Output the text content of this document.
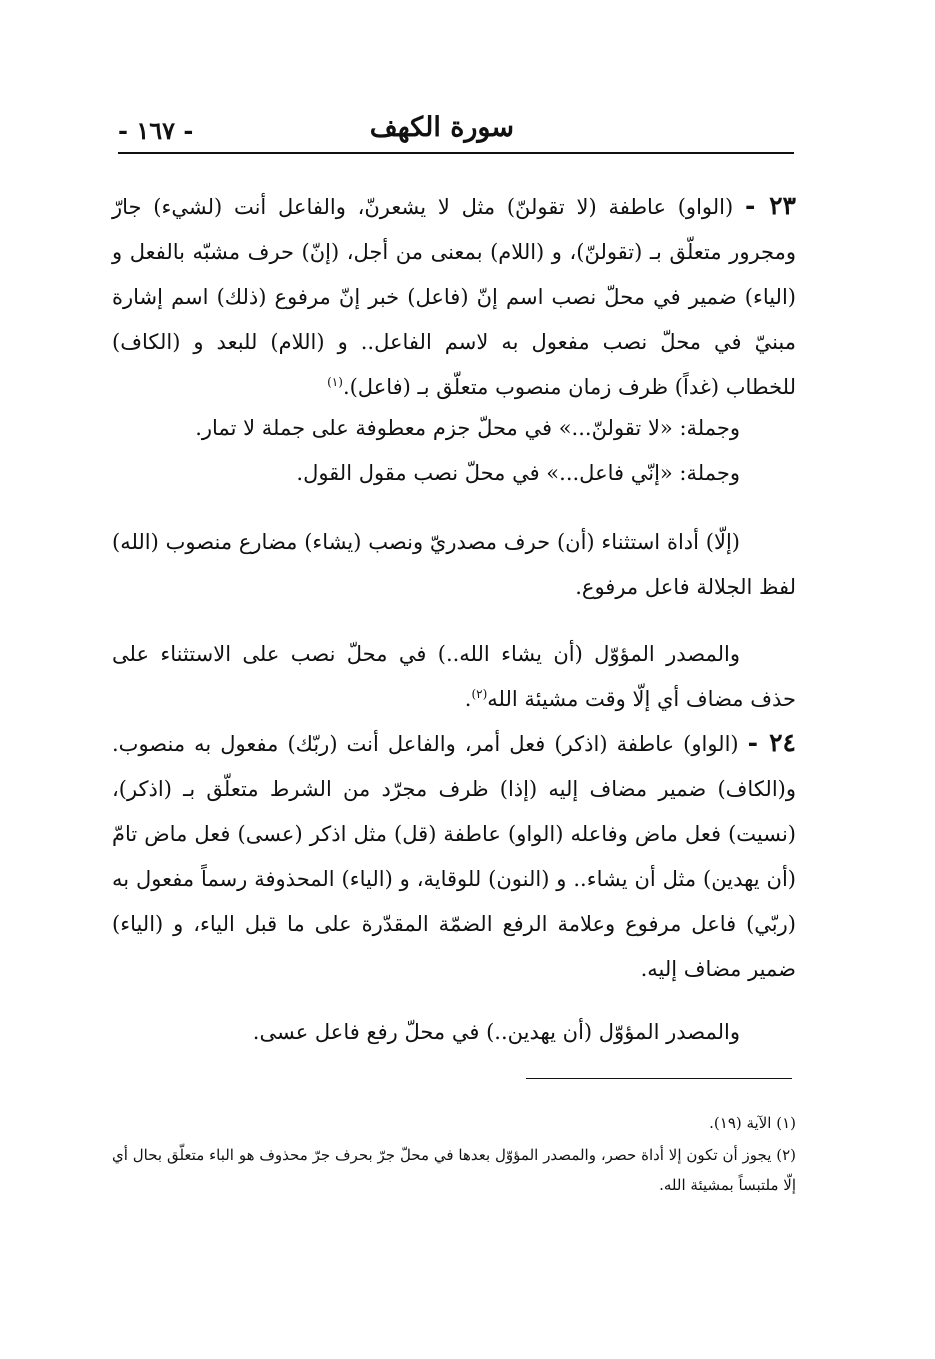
سورة الكهف
- ١٦٧ -

٢٣ - (الواو) عاطفة (لا تقولنّ) مثل لا يشعرنّ، والفاعل أنت (لشيء) جارّ ومجرور متعلّق بـ (تقولنّ)، و (اللام) بمعنى من أجل، (إنّ) حرف مشبّه بالفعل و (الياء) ضمير في محلّ نصب اسم إنّ (فاعل) خبر إنّ مرفوع (ذلك) اسم إشارة مبنيّ في محلّ نصب مفعول به لاسم الفاعل.. و (اللام) للبعد و (الكاف) للخطاب (غداً) ظرف زمان منصوب متعلّق بـ (فاعل).$^{(١)}$

وجملة: «لا تقولنّ...» في محلّ جزم معطوفة على جملة لا تمار.

وجملة: «إنّي فاعل...» في محلّ نصب مقول القول.

(إلّا) أداة استثناء (أن) حرف مصدريّ ونصب (يشاء) مضارع منصوب (الله) لفظ الجلالة فاعل مرفوع.

والمصدر المؤوّل (أن يشاء الله..) في محلّ نصب على الاستثناء على حذف مضاف أي إلّا وقت مشيئة الله$^{(٢)}$.

٢٤ - (الواو) عاطفة (اذكر) فعل أمر، والفاعل أنت (ربّك) مفعول به منصوب. و(الكاف) ضمير مضاف إليه (إذا) ظرف مجرّد من الشرط متعلّق بـ (اذكر)، (نسيت) فعل ماض وفاعله (الواو) عاطفة (قل) مثل اذكر (عسى) فعل ماض تامّ (أن يهدين) مثل أن يشاء.. و (النون) للوقاية، و (الياء) المحذوفة رسماً مفعول به (ربّي) فاعل مرفوع وعلامة الرفع الضمّة المقدّرة على ما قبل الياء، و (الياء) ضمير مضاف إليه.

والمصدر المؤوّل (أن يهدين..) في محلّ رفع فاعل عسى.

(١) الآية (١٩).

(٢) يجوز أن تكون إلا أداة حصر، والمصدر المؤوّل بعدها في محلّ جرّ بحرف جرّ محذوف هو الباء متعلّق بحال أي إلّا ملتبساً بمشيئة الله.
